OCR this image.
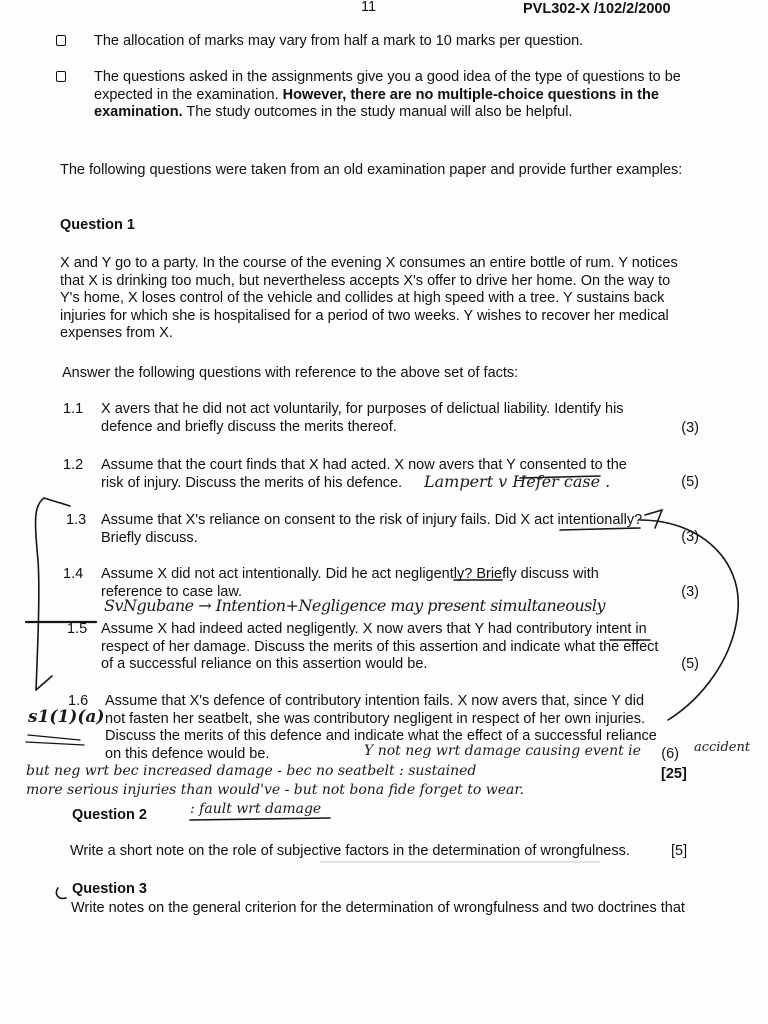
11	PVL302-X /102/2/2000
The allocation of marks may vary from half a mark to 10 marks per question.
The questions asked in the assignments give you a good idea of the type of questions to be expected in the examination. However, there are no multiple-choice questions in the examination. The study outcomes in the study manual will also be helpful.
The following questions were taken from an old examination paper and provide further examples:
Question 1
X and Y go to a party. In the course of the evening X consumes an entire bottle of rum. Y notices that X is drinking too much, but nevertheless accepts X's offer to drive her home. On the way to Y's home, X loses control of the vehicle and collides at high speed with a tree. Y sustains back injuries for which she is hospitalised for a period of two weeks. Y wishes to recover her medical expenses from X.
Answer the following questions with reference to the above set of facts:
1.1 X avers that he did not act voluntarily, for purposes of delictual liability. Identify his defence and briefly discuss the merits thereof.	(3)
1.2 Assume that the court finds that X had acted. X now avers that Y consented to the risk of injury. Discuss the merits of his defence.	(5)
1.3 Assume that X's reliance on consent to the risk of injury fails. Did X act intentionally? Briefly discuss.	(3)
1.4 Assume X did not act intentionally. Did he act negligently? Briefly discuss with reference to case law.	(3)
1.5 Assume X had indeed acted negligently. X now avers that Y had contributory intent in respect of her damage. Discuss the merits of this assertion and indicate what the effect of a successful reliance on this assertion would be.	(5)
1.6 Assume that X's defence of contributory intention fails. X now avers that, since Y did not fasten her seatbelt, she was contributory negligent in respect of her own injuries. Discuss the merits of this defence and indicate what the effect of a successful reliance on this defence would be.	(6)
[25]
Question 2
Write a short note on the role of subjective factors in the determination of wrongfulness.	[5]
Question 3
Write notes on the general criterion for the determination of wrongfulness and two doctrines that
Lampert v Hefer case .
SvNgubane → Intention+Negligence may present simultaneously
s1(1)(a)
Y not neg wrt damage causing event ie	accident
but neg wrt bec increased damage - bec no seatbelt : sustained
more serious injuries than would've - but not bona fide forget to wear.
: fault wrt damage
